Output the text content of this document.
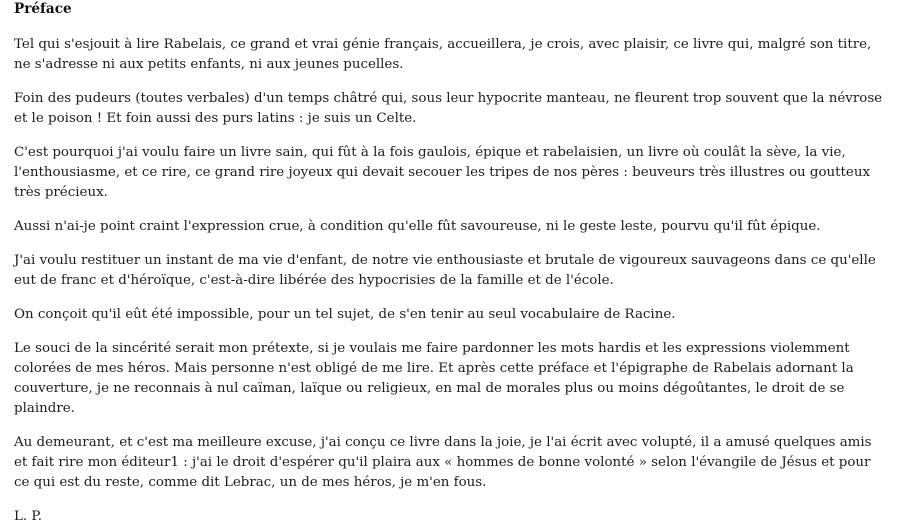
Préface

Tel qui s'esjouit à lire Rabelais, ce grand et vrai génie français, accueillera, je crois, avec plaisir, ce livre qui, malgré son titre, ne s'adresse ni aux petits enfants, ni aux jeunes pucelles.

Foin des pudeurs (toutes verbales) d'un temps châtré qui, sous leur hypocrite manteau, ne fleurent trop souvent que la névrose et le poison ! Et foin aussi des purs latins : je suis un Celte.

C'est pourquoi j'ai voulu faire un livre sain, qui fût à la fois gaulois, épique et rabelaisien, un livre où coulât la sève, la vie, l'enthousiasme, et ce rire, ce grand rire joyeux qui devait secouer les tripes de nos pères : beuveurs très illustres ou goutteux très précieux.

Aussi n'ai-je point craint l'expression crue, à condition qu'elle fût savoureuse, ni le geste leste, pourvu qu'il fût épique.

J'ai voulu restituer un instant de ma vie d'enfant, de notre vie enthousiaste et brutale de vigoureux sauvageons dans ce qu'elle eut de franc et d'héroïque, c'est-à-dire libérée des hypocrisies de la famille et de l'école.

On conçoit qu'il eût été impossible, pour un tel sujet, de s'en tenir au seul vocabulaire de Racine.

Le souci de la sincérité serait mon prétexte, si je voulais me faire pardonner les mots hardis et les expressions violemment colorées de mes héros. Mais personne n'est obligé de me lire. Et après cette préface et l'épigraphe de Rabelais adornant la couverture, je ne reconnais à nul caïman, laïque ou religieux, en mal de morales plus ou moins dégoûtantes, le droit de se plaindre.

Au demeurant, et c'est ma meilleure excuse, j'ai conçu ce livre dans la joie, je l'ai écrit avec volupté, il a amusé quelques amis et fait rire mon éditeur1 : j'ai le droit d'espérer qu'il plaira aux « hommes de bonne volonté » selon l'évangile de Jésus et pour ce qui est du reste, comme dit Lebrac, un de mes héros, je m'en fous.

L. P.
